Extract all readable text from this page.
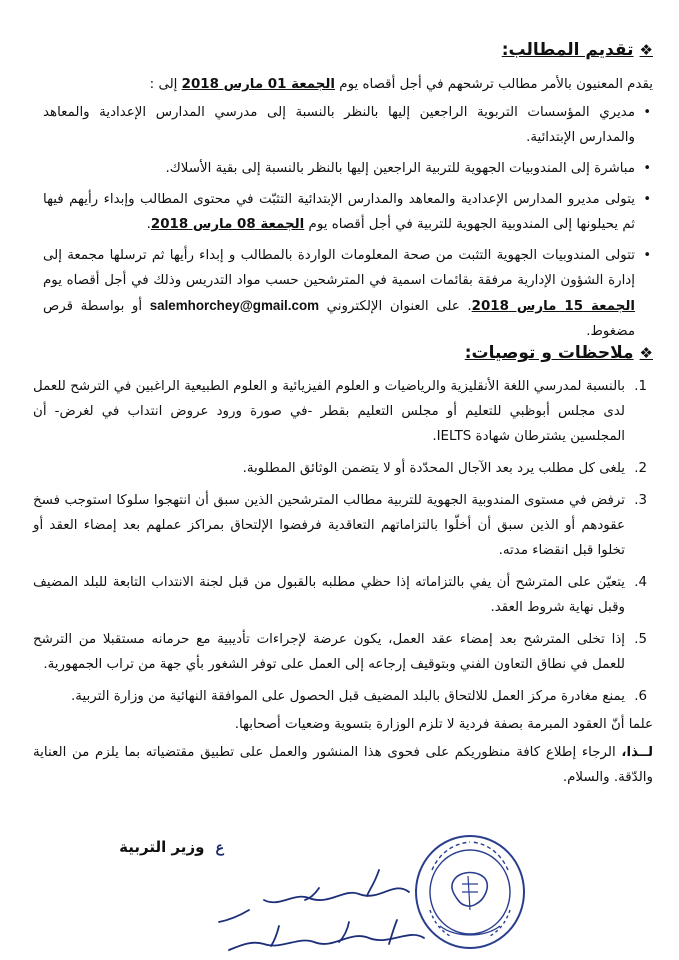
❖
تقديم المطالب:
يقدم المعنيون بالأمر مطالب ترشحهم في أجل أقصاه يوم الجمعة 01 مارس 2018 إلى :
• مديري المؤسسات التربوية الراجعين إليها بالنظر بالنسبة إلى مدرسي المدارس الإعدادية والمعاهد والمدارس الإبتدائية.
• مباشرة إلى المندوبيات الجهوية للتربية الراجعين إليها بالنظر بالنسبة إلى بقية الأسلاك.
• يتولى مديرو المدارس الإعدادية والمعاهد والمدارس الإبتدائية التثبّت في محتوى المطالب وإبداء رأيهم فيها ثم يحيلونها إلى المندوبية الجهوية للتربية في أجل أقصاه يوم الجمعة 08 مارس 2018.
• تتولى المندوبيات الجهوية التثبت من صحة المعلومات الواردة بالمطالب و إبداء رأيها ثم ترسلها مجمعة إلى إدارة الشؤون الإدارية مرفقة بقائمات اسمية في المترشحين حسب مواد التدريس وذلك في أجل أقصاه يوم الجمعة 15 مارس 2018. على العنوان الإلكتروني salemhorchey@gmail.com أو بواسطة قرص مضغوط.
❖
ملاحظات و توصيات:
1.
بالنسبة لمدرسي اللغة الأنقليزية والرياضيات و العلوم الفيزيائية و العلوم الطبيعية الراغبين في الترشح للعمل لدى مجلس أبوظبي للتعليم أو مجلس التعليم بقطر -في صورة ورود عروض انتداب في لغرض- أن المجلسين يشترطان شهادة IELTS.
2.
يلغى كل مطلب يرد بعد الآجال المحدّدة أو لا يتضمن الوثائق المطلوبة.
3.
ترفض في مستوى المندوبية الجهوية للتربية مطالب المترشحين الذين سبق أن انتهجوا سلوكا استوجب فسخ عقودهم أو الذين سبق أن أخلّوا بالتزاماتهم التعاقدية فرفضوا الإلتحاق بمراكز عملهم بعد إمضاء العقد أو تخلوا قبل انقضاء مدته.
4.
يتعيّن على المترشح أن يفي بالتزاماته إذا حظي مطلبه بالقبول من قبل لجنة الانتداب التابعة للبلد المضيف وقبل نهاية شروط العقد.
5.
إذا تخلى المترشح بعد إمضاء عقد العمل، يكون عرضة لإجراءات تأديبية مع حرمانه مستقبلا من الترشح للعمل في نطاق التعاون الفني وبتوقيف إرجاعه إلى العمل على توفر الشغور بأي جهة من تراب الجمهورية.
6.
يمنع مغادرة مركز العمل للالتحاق بالبلد المضيف قبل الحصول على الموافقة النهائية من وزارة التربية.
علما أنّ العقود المبرمة بصفة فردية لا تلزم الوزارة بتسوية وضعيات أصحابها.
لــذا، الرجاء إطلاع كافة منظوريكم على فحوى هذا المنشور والعمل على تطبيق مقتضياته بما يلزم من العناية والدّقة. والسلام.
ع وزير التربية
